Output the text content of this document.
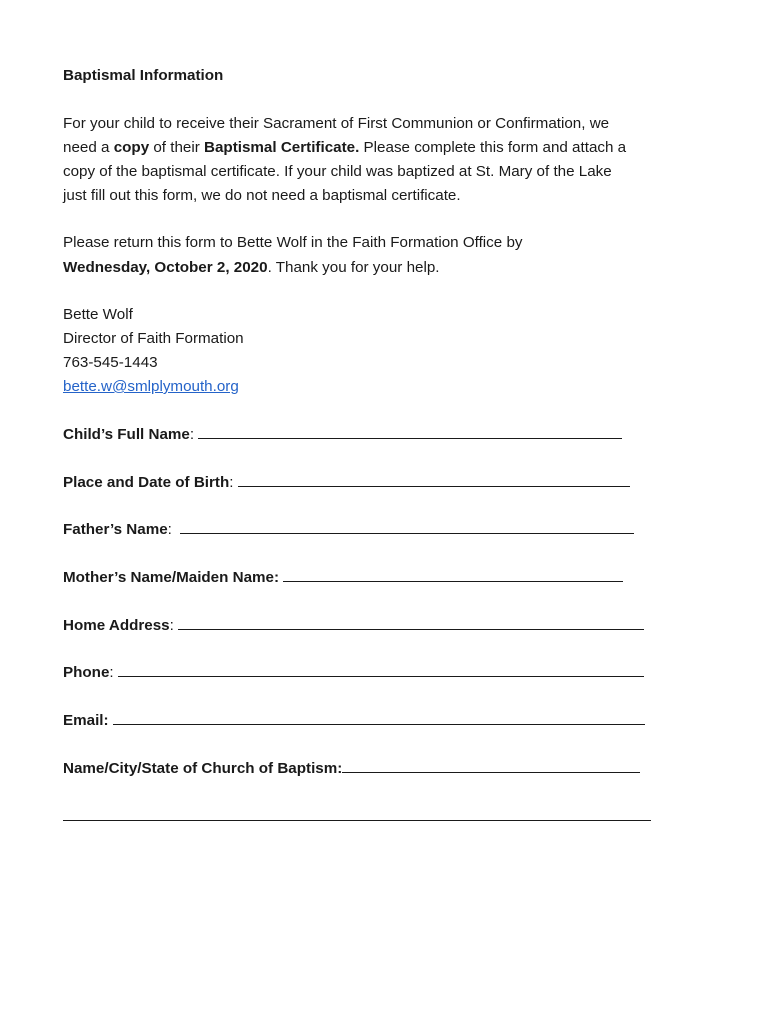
Baptismal Information
For your child to receive their Sacrament of First Communion or Confirmation, we
need a copy of their Baptismal Certificate. Please complete this form and attach a
copy of the baptismal certificate. If your child was baptized at St. Mary of the Lake
just fill out this form, we do not need a baptismal certificate.
Please return this form to Bette Wolf in the Faith Formation Office by
Wednesday, October 2, 2020. Thank you for your help.
Bette Wolf
Director of Faith Formation
763-545-1443
bette.w@smlplymouth.org
Child’s Full Name:
Place and Date of Birth:
Father’s Name:
Mother’s Name/Maiden Name:
Home Address:
Phone:
Email:
Name/City/State of Church of Baptism:
